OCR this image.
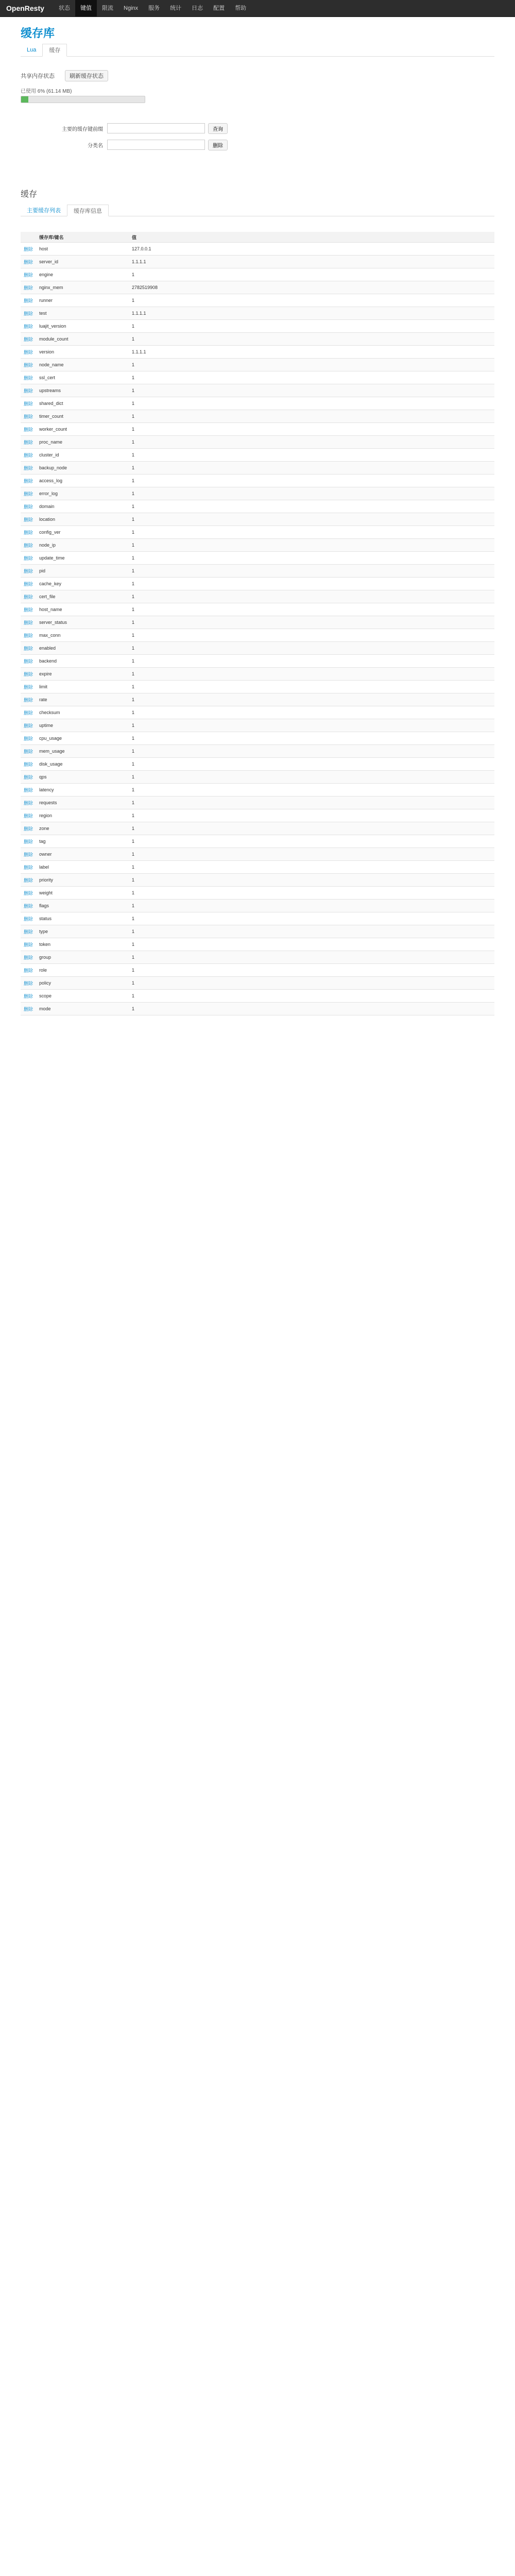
OpenResty	状态	键值	限流	Nginx	服务	统计	日志	配置	帮助
缓存库
Lua	缓存
共享内存状态	刷新缓存状态
已使用 6% (61.14 MB)
主要的缓存键前缀	查询
分类名	删除
缓存
主要缓存列表	缓存库信息
	缓存库/键名	值
删除	host	127.0.0.1
删除	server_id	1.1.1.1
删除	engine	1
删除	nginx_mem	2782519908
删除	runner	1
删除	test	1.1.1.1
删除	luajit_version	1
删除	module_count	1
删除	version	1.1.1.1
删除	node_name	1
删除	ssl_cert	1
删除	upstreams	1
删除	shared_dict	1
删除	timer_count	1
删除	worker_count	1
删除	proc_name	1
删除	cluster_id	1
删除	backup_node	1
删除	access_log	1
删除	error_log	1
删除	domain	1
删除	location	1
删除	config_ver	1
删除	node_ip	1
删除	update_time	1
删除	pid	1
删除	cache_key	1
删除	cert_file	1
删除	host_name	1
删除	server_status	1
删除	max_conn	1
删除	enabled	1
删除	backend	1
删除	expire	1
删除	limit	1
删除	rate	1
删除	checksum	1
删除	uptime	1
删除	cpu_usage	1
删除	mem_usage	1
删除	disk_usage	1
删除	qps	1
删除	latency	1
删除	requests	1
删除	region	1
删除	zone	1
删除	tag	1
删除	owner	1
删除	label	1
删除	priority	1
删除	weight	1
删除	flags	1
删除	status	1
删除	type	1
删除	token	1
删除	group	1
删除	role	1
删除	policy	1
删除	scope	1
删除	mode	1
